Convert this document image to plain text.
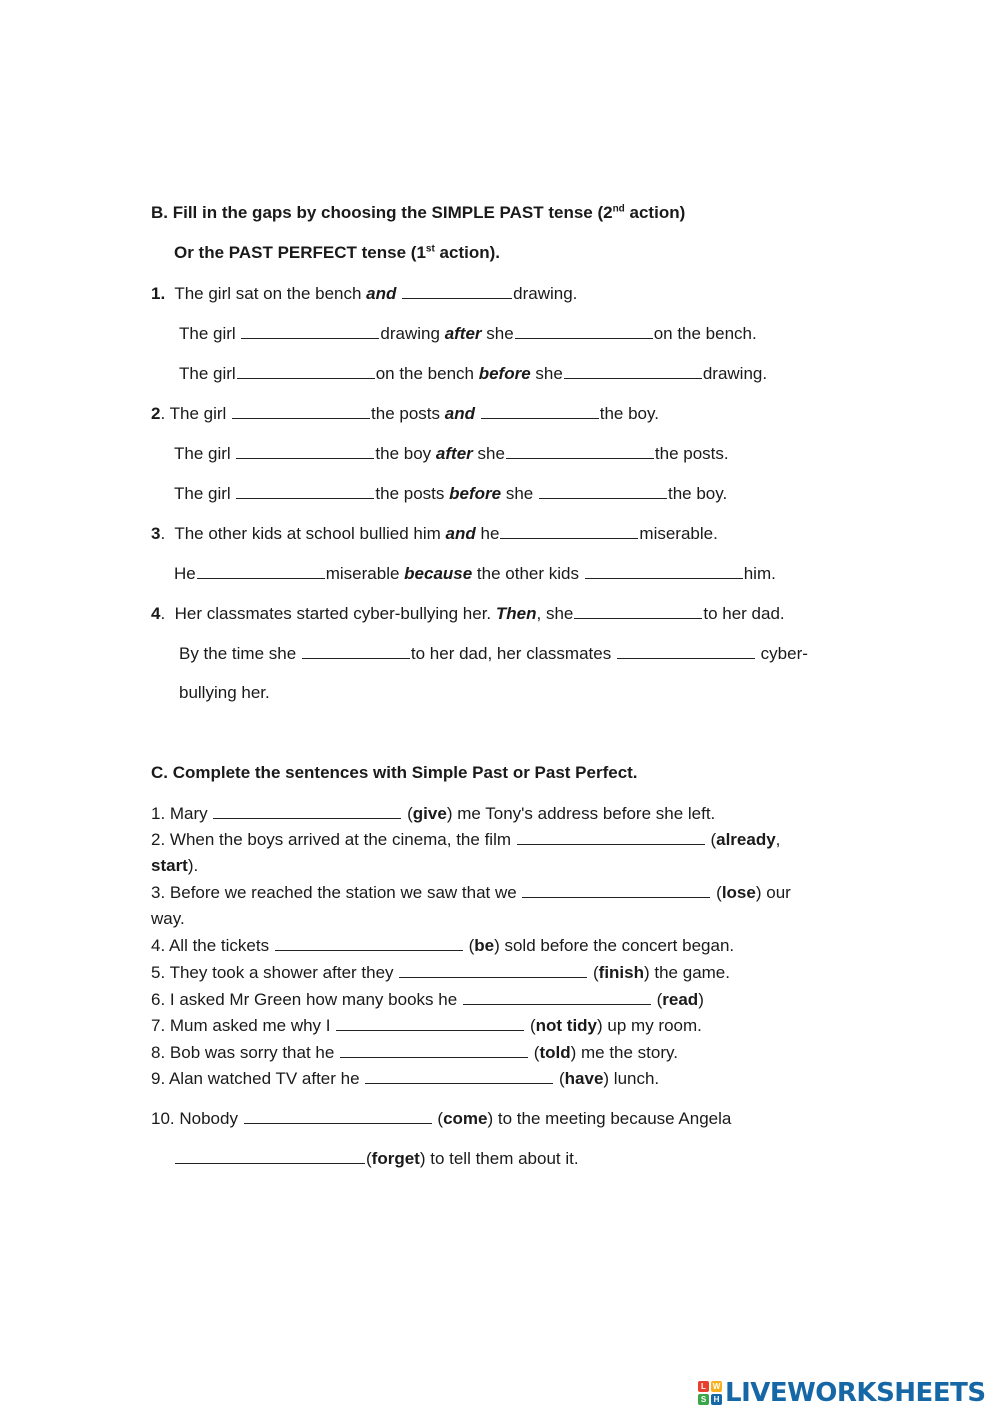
B. Fill in the gaps by choosing the SIMPLE PAST tense (2nd action)
Or the PAST PERFECT tense (1st action).
1.  The girl sat on the bench and	drawing.
The girl	drawing after she	on the bench.
The girl	on the bench before she	drawing.
2. The girl	the posts and	the boy.
The girl	the boy after she	the posts.
The girl	the posts before she	the boy.
3.  The other kids at school bullied him and he	miserable.
He	miserable because the other kids	him.
4.  Her classmates started cyber-bullying her. Then, she	to her dad.
By the time she	to her dad, her classmates	cyber-
bullying her.
C. Complete the sentences with Simple Past or Past Perfect.
1. Mary	(give) me Tony's address before she left.
2. When the boys arrived at the cinema, the film	(already,
start).
3. Before we reached the station we saw that we	(lose) our
way.
4. All the tickets	(be) sold before the concert began.
5. They took a shower after they	(finish) the game.
6. I asked Mr Green how many books he	(read)
7. Mum asked me why I	(not tidy) up my room.
8. Bob was sorry that he	(told) me the story.
9. Alan watched TV after he	(have) lunch.
10. Nobody	(come) to the meeting because Angela
(forget) to tell them about it.
L W
S H LIVEWORKSHEETS
